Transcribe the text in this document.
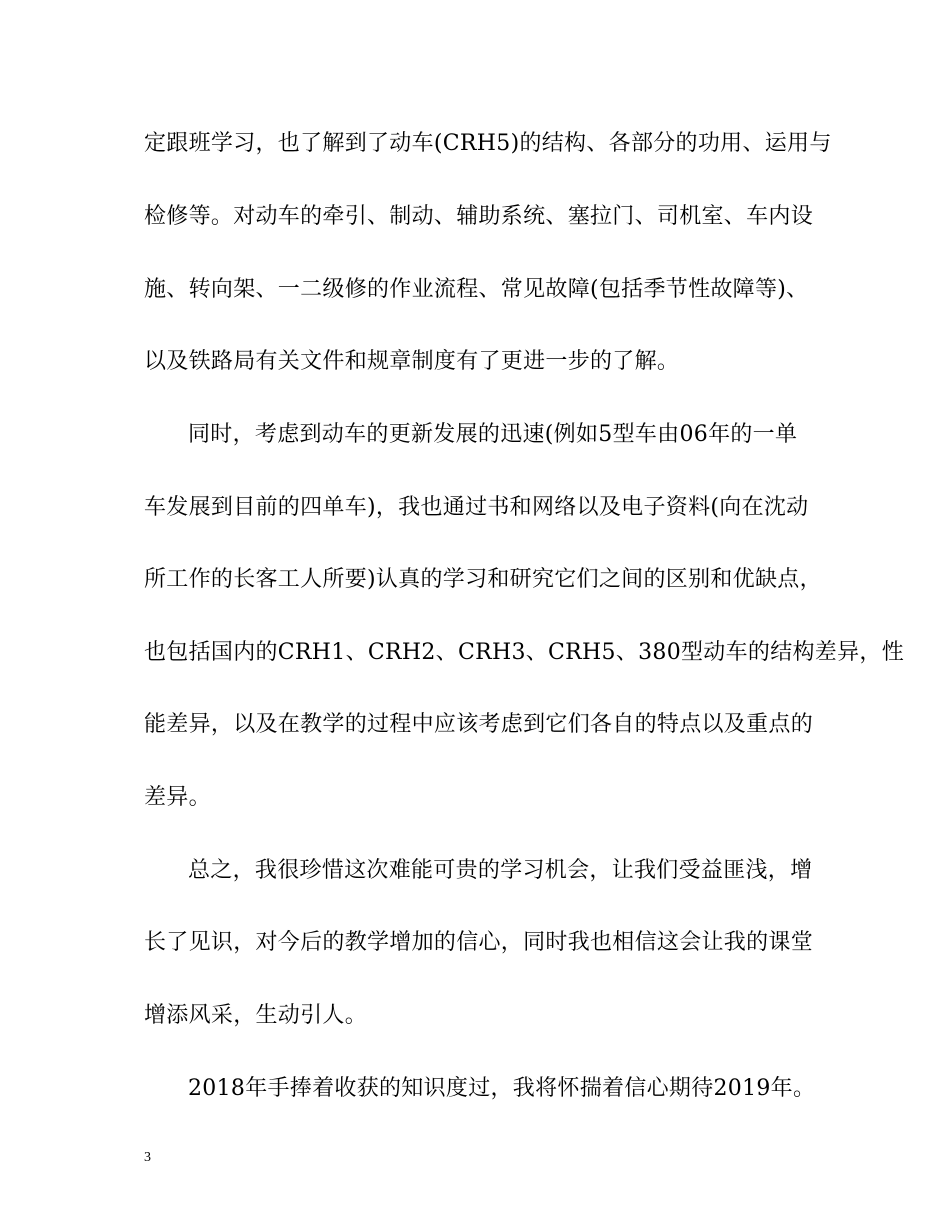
定跟班学习，也了解到了动车(CRH5)的结构、各部分的功用、运用与
检修等。对动车的牵引、制动、辅助系统、塞拉门、司机室、车内设
施、转向架、一二级修的作业流程、常见故障(包括季节性故障等)、
以及铁路局有关文件和规章制度有了更进一步的了解。
同时，考虑到动车的更新发展的迅速(例如5型车由06年的一单
车发展到目前的四单车)，我也通过书和网络以及电子资料(向在沈动
所工作的长客工人所要)认真的学习和研究它们之间的区别和优缺点，
也包括国内的CRH1、CRH2、CRH3、CRH5、380型动车的结构差异，性
能差异，以及在教学的过程中应该考虑到它们各自的特点以及重点的
差异。
总之，我很珍惜这次难能可贵的学习机会，让我们受益匪浅，增
长了见识，对今后的教学增加的信心，同时我也相信这会让我的课堂
增添风采，生动引人。
2018年手捧着收获的知识度过，我将怀揣着信心期待2019年。
3
